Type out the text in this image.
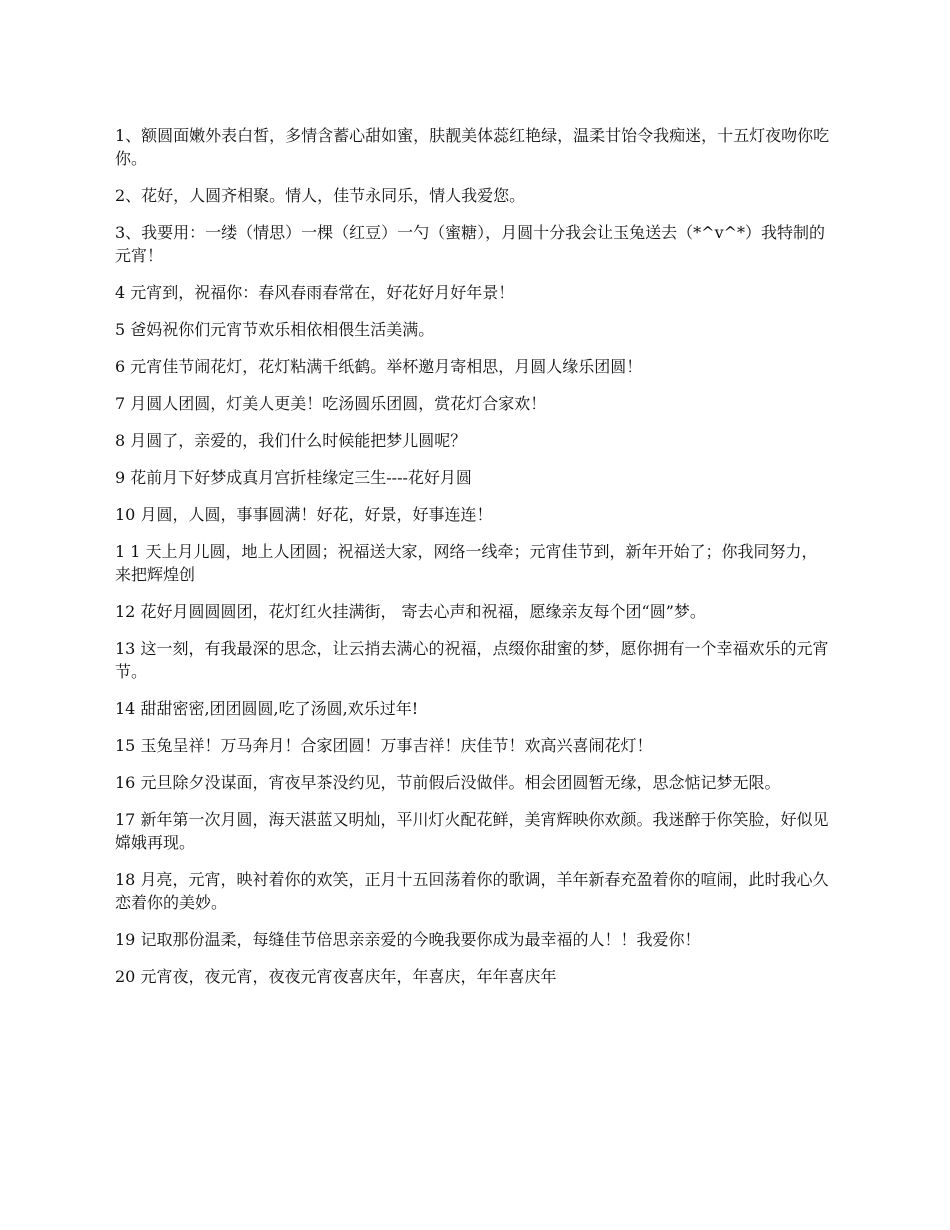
1、额圆面嫩外表白皙，多情含蓄心甜如蜜，肤靓美体蕊红艳绿，温柔甘饴令我痴迷，十五灯夜吻你吃你。

2、花好，人圆齐相聚。情人，佳节永同乐，情人我爱您。

3、我要用：一缕（情思）一棵（红豆）一勺（蜜糖），月圆十分我会让玉兔送去（*^v^*）我特制的元宵！

4 元宵到，祝福你：春风春雨春常在，好花好月好年景！

5 爸妈祝你们元宵节欢乐相依相偎生活美满。

6 元宵佳节闹花灯，花灯粘满千纸鹤。举杯邀月寄相思，月圆人缘乐团圆！

7 月圆人团圆，灯美人更美！吃汤圆乐团圆，赏花灯合家欢！

8 月圆了，亲爱的，我们什么时候能把梦儿圆呢？

9 花前月下好梦成真月宫折桂缘定三生----花好月圆

10 月圆，人圆，事事圆满！好花，好景，好事连连！

1 1 天上月儿圆，地上人团圆；祝福送大家，网络一线牵；元宵佳节到，新年开始了；你我同努力，来把辉煌创

12 花好月圆圆圆团，花灯红火挂满街， 寄去心声和祝福，愿缘亲友每个团“圆”梦。

13 这一刻，有我最深的思念，让云捎去满心的祝福，点缀你甜蜜的梦，愿你拥有一个幸福欢乐的元宵节。

14 甜甜密密,团团圆圆,吃了汤圆,欢乐过年!

15 玉兔呈祥！万马奔月！合家团圆！万事吉祥！庆佳节！欢高兴喜闹花灯！

16 元旦除夕没谋面，宵夜早茶没约见，节前假后没做伴。相会团圆暂无缘，思念惦记梦无限。

17 新年第一次月圆，海天湛蓝又明灿，平川灯火配花鲜，美宵辉映你欢颜。我迷醉于你笑脸，好似见嫦娥再现。

18 月亮，元宵，映衬着你的欢笑，正月十五回荡着你的歌调，羊年新春充盈着你的喧闹，此时我心久恋着你的美妙。

19 记取那份温柔，每缝佳节倍思亲亲爱的今晚我要你成为最幸福的人！！我爱你！

20 元宵夜，夜元宵，夜夜元宵夜喜庆年，年喜庆，年年喜庆年
